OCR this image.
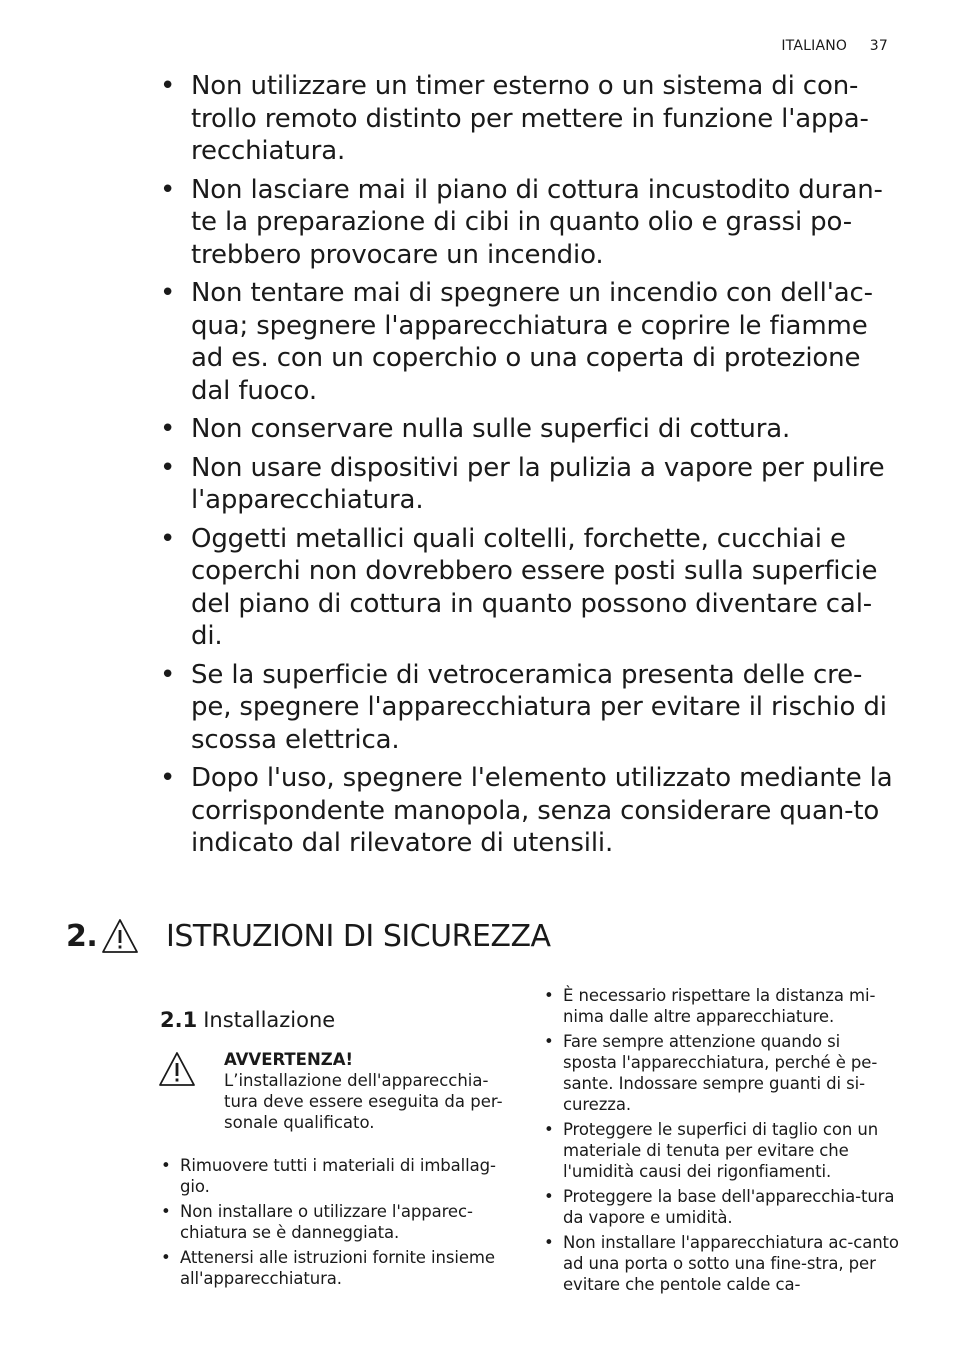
ITALIANO 37
• Non utilizzare un timer esterno o un sistema di con-trollo remoto distinto per mettere in funzione l'appa-recchiatura.
• Non lasciare mai il piano di cottura incustodito duran-te la preparazione di cibi in quanto olio e grassi po-trebbero provocare un incendio.
• Non tentare mai di spegnere un incendio con dell'ac-qua; spegnere l'apparecchiatura e coprire le fiamme ad es. con un coperchio o una coperta di protezione dal fuoco.
• Non conservare nulla sulle superfici di cottura.
• Non usare dispositivi per la pulizia a vapore per pulire l'apparecchiatura.
• Oggetti metallici quali coltelli, forchette, cucchiai e coperchi non dovrebbero essere posti sulla superficie del piano di cottura in quanto possono diventare cal-di.
• Se la superficie di vetroceramica presenta delle cre-pe, spegnere l'apparecchiatura per evitare il rischio di scossa elettrica.
• Dopo l'uso, spegnere l'elemento utilizzato mediante la corrispondente manopola, senza considerare quan-to indicato dal rilevatore di utensili.
2. ISTRUZIONI DI SICUREZZA
2.1 Installazione
AVVERTENZA!
L’installazione dell'apparecchia-tura deve essere eseguita da per-sonale qualificato.
• Rimuovere tutti i materiali di imballag-gio.
• Non installare o utilizzare l'apparec-chiatura se è danneggiata.
• Attenersi alle istruzioni fornite insieme all'apparecchiatura.
• È necessario rispettare la distanza mi-nima dalle altre apparecchiature.
• Fare sempre attenzione quando si sposta l'apparecchiatura, perché è pe-sante. Indossare sempre guanti di si-curezza.
• Proteggere le superfici di taglio con un materiale di tenuta per evitare che l'umidità causi dei rigonfiamenti.
• Proteggere la base dell'apparecchia-tura da vapore e umidità.
• Non installare l'apparecchiatura ac-canto ad una porta o sotto una fine-stra, per evitare che pentole calde ca-
